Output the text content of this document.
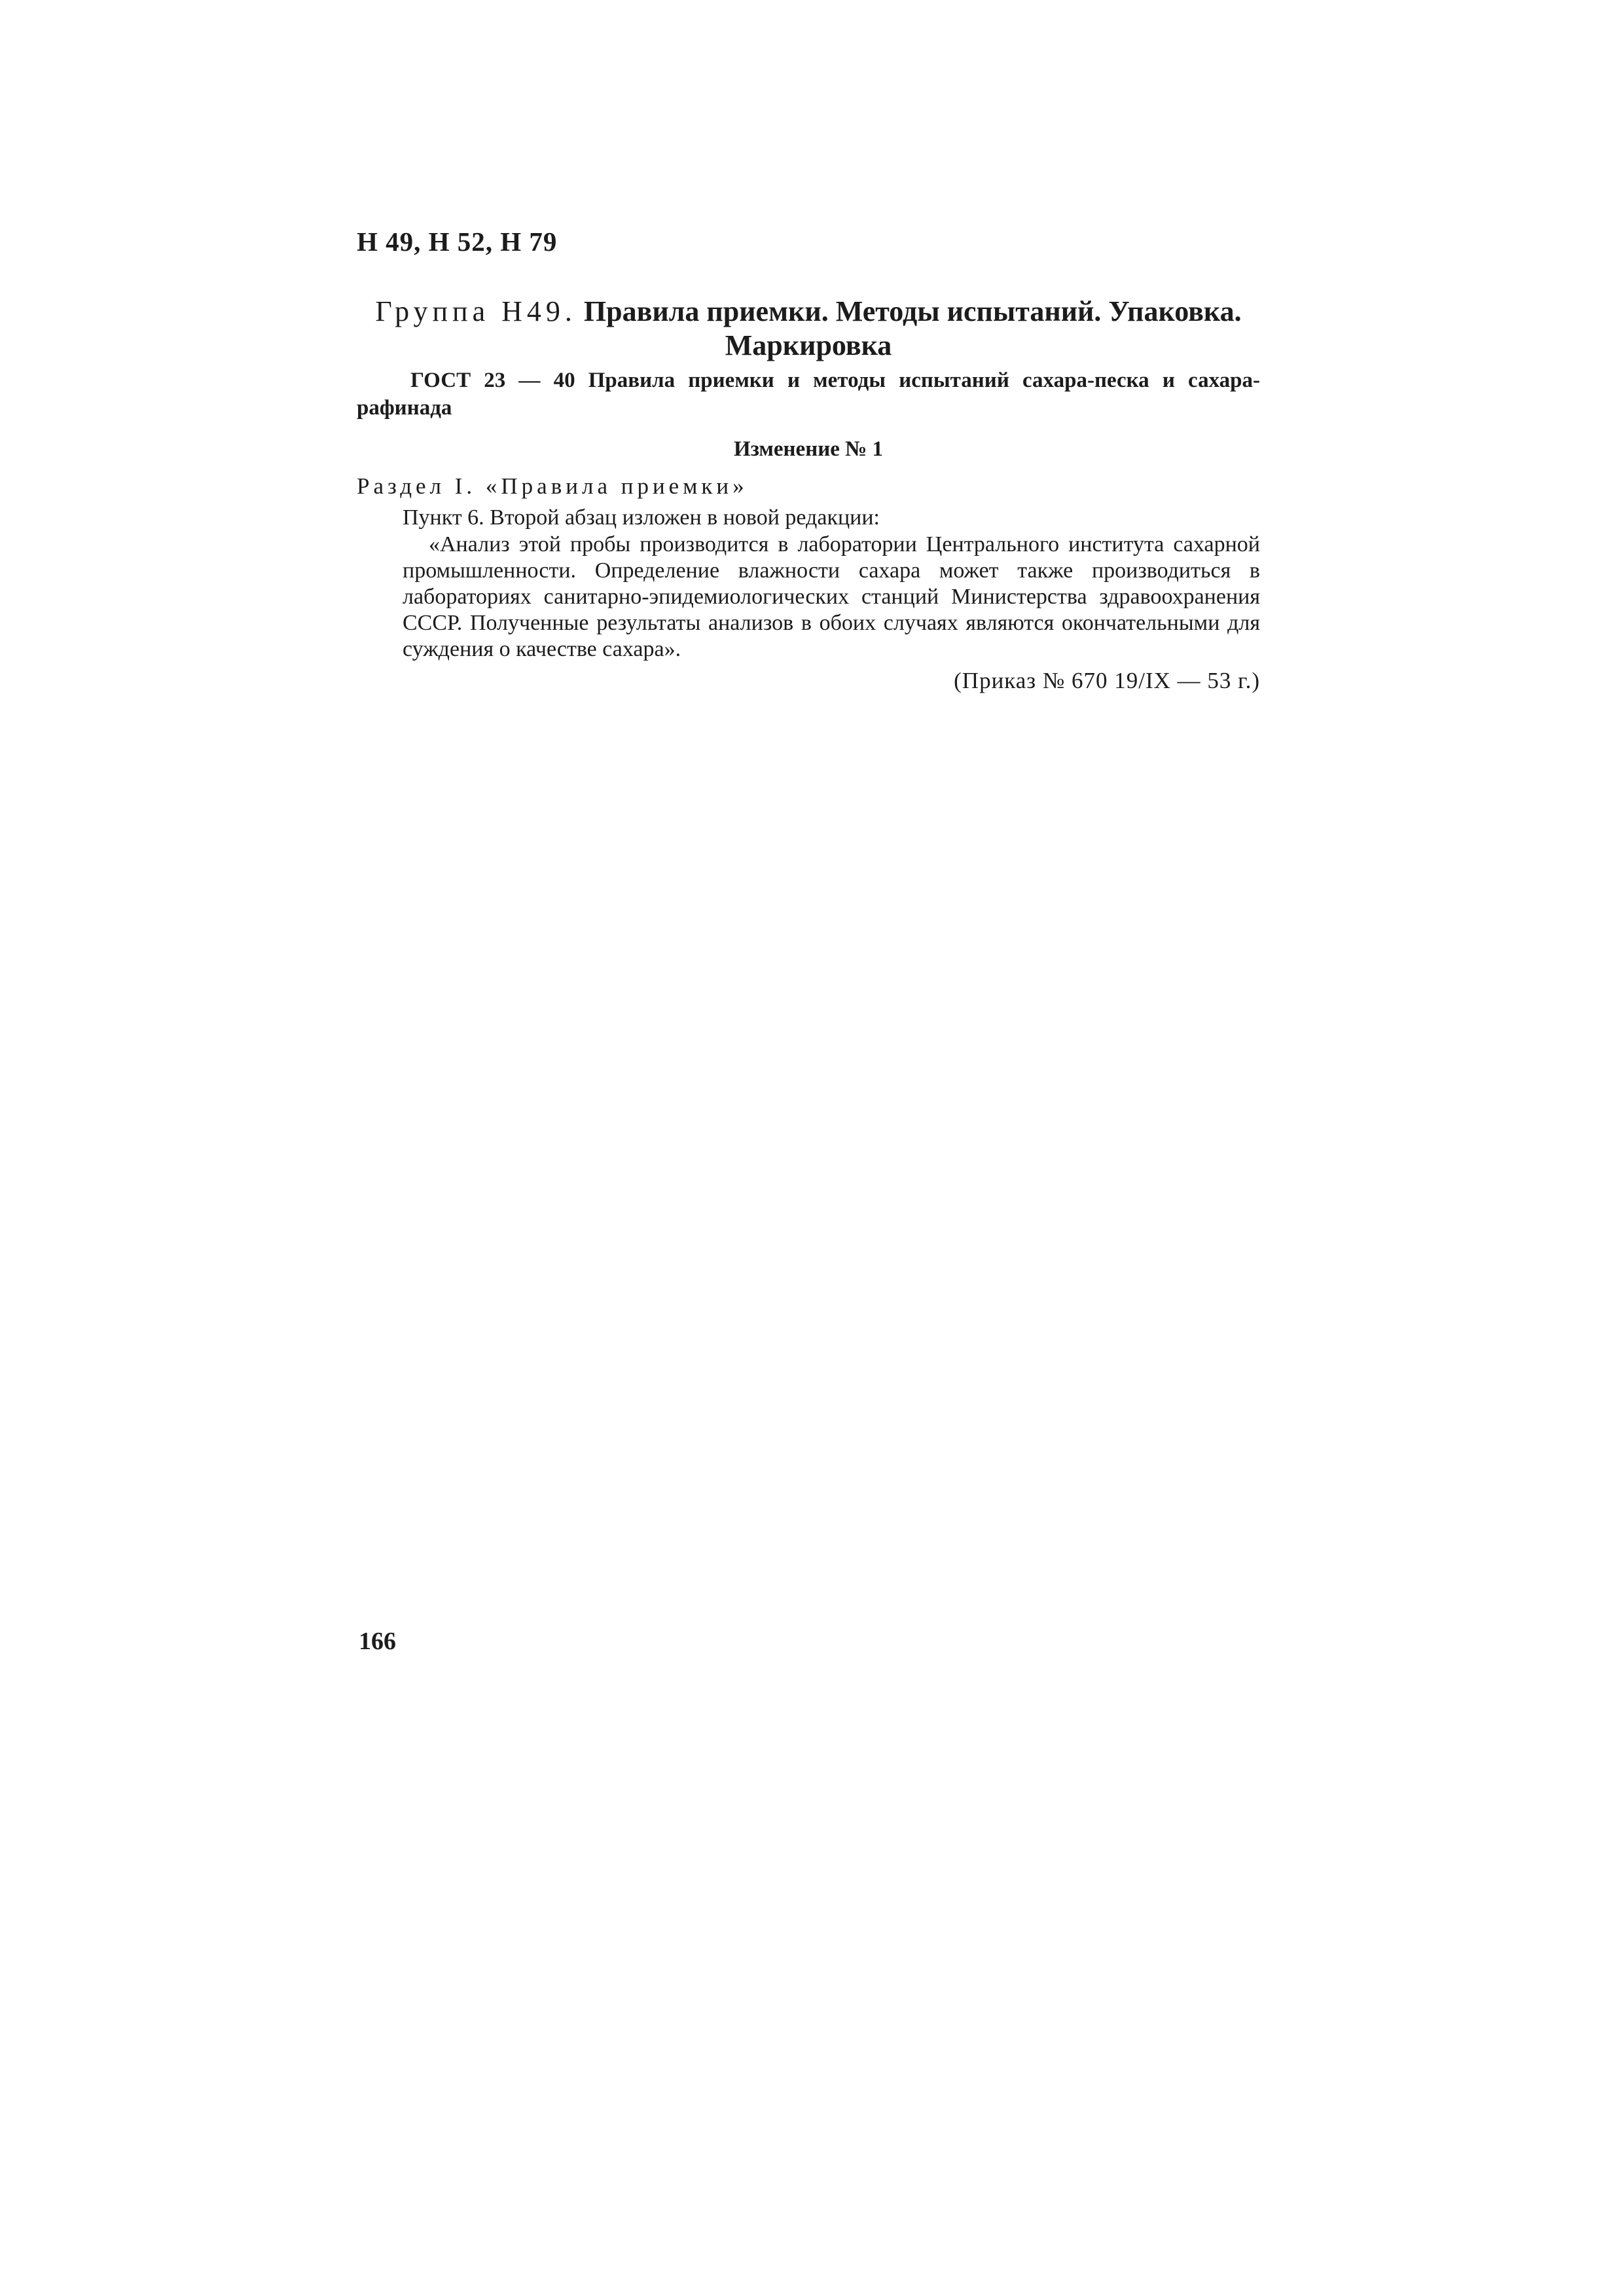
Н 49, Н 52, Н 79
Группа Н49. Правила приемки. Методы испытаний. Упаковка.
Маркировка
ГОСТ 23 — 40 Правила приемки и методы испытаний сахара-песка и сахара-рафинада
Изменение № 1
Раздел I. «Правила приемки»
Пункт 6. Второй абзац изложен в новой редакции:
«Анализ этой пробы производится в лаборатории Центрального института сахарной промышленности. Определение влажности сахара может также производиться в лабораториях санитарно-эпидемиологических станций Министерства здравоохранения СССР. Полученные результаты анализов в обоих случаях являются окончательными для суждения о качестве сахара».
(Приказ № 670 19/IX — 53 г.)
166
